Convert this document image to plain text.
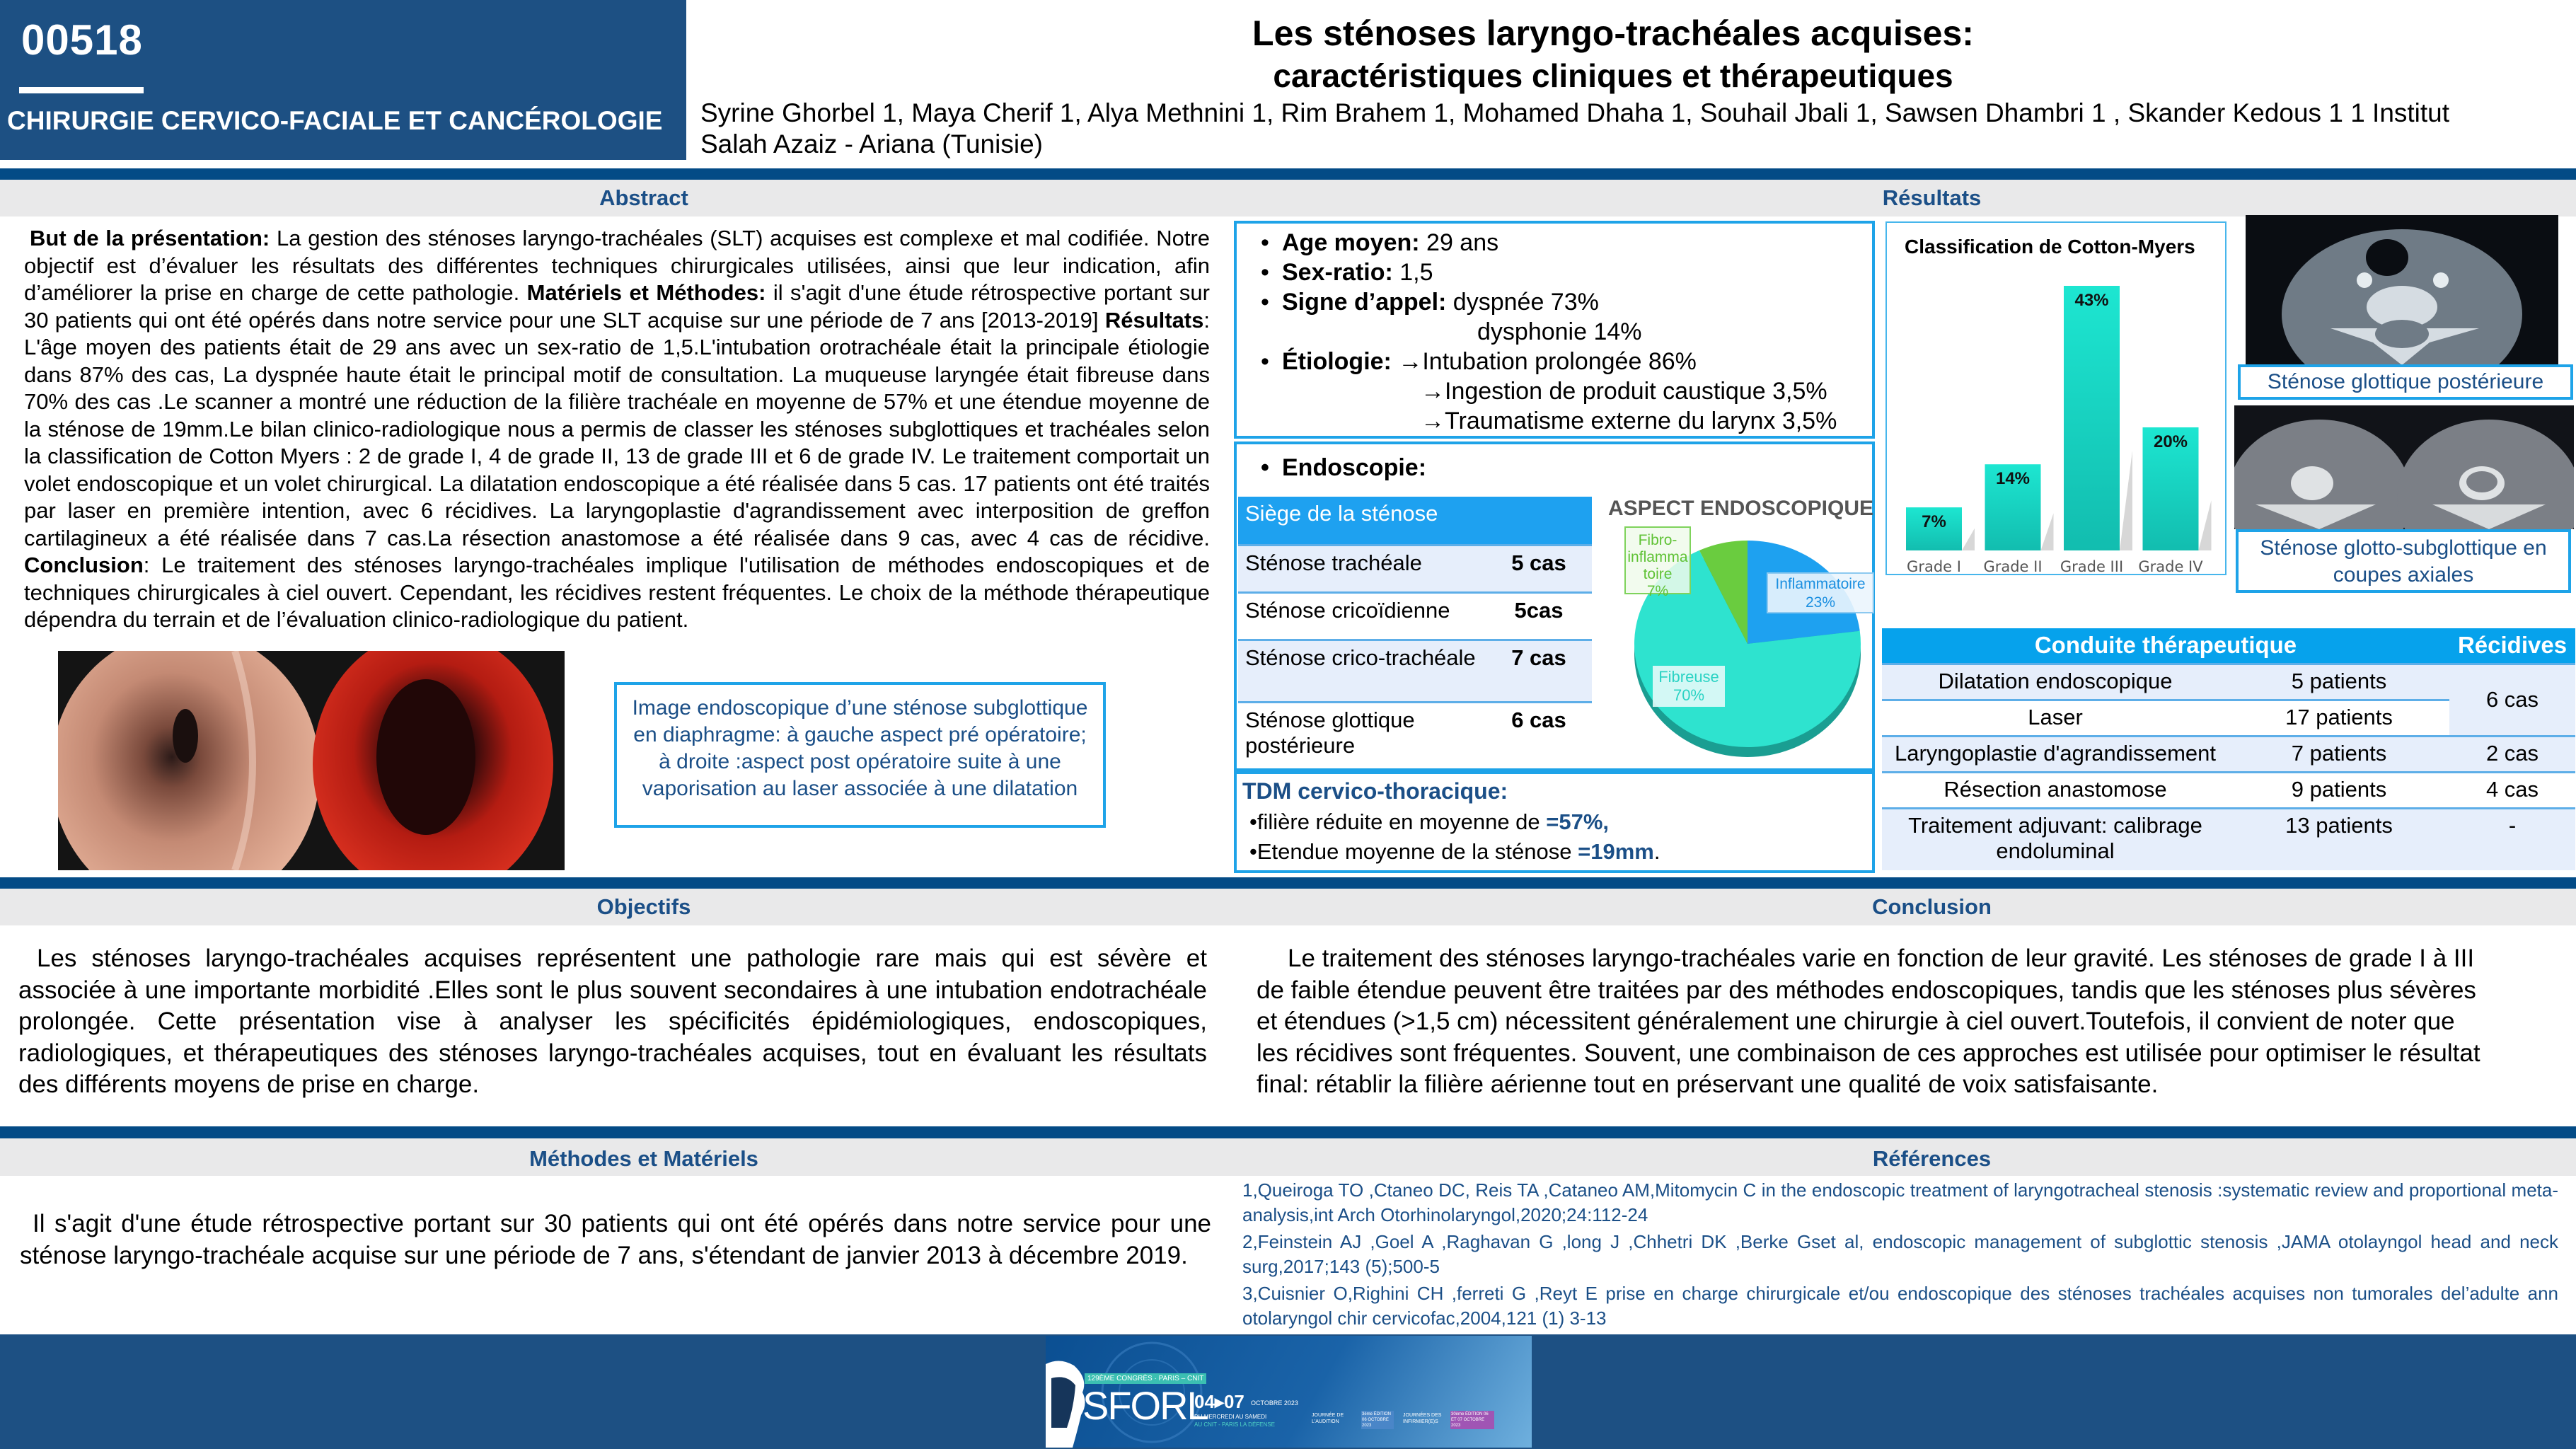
00518
CHIRURGIE CERVICO-FACIALE ET CANCÉROLOGIE
Les sténoses laryngo-trachéales acquises:
caractéristiques cliniques et thérapeutiques
Syrine Ghorbel 1, Maya Cherif 1, Alya Methnini 1, Rim Brahem 1, Mohamed Dhaha 1, Souhail Jbali 1, Sawsen Dhambri 1 , Skander Kedous 1 1 Institut Salah Azaiz - Ariana (Tunisie)
Abstract	Résultats
But de la présentation: La gestion des sténoses laryngo-trachéales (SLT) acquises est complexe et mal codifiée. Notre objectif est d’évaluer les résultats des différentes techniques chirurgicales utilisées, ainsi que leur indication, afin d’améliorer la prise en charge de cette pathologie. Matériels et Méthodes: il s'agit d'une étude rétrospective portant sur 30 patients qui ont été opérés dans notre service pour une SLT acquise sur une période de 7 ans [2013-2019] Résultats: L'âge moyen des patients était de 29 ans avec un sex-ratio de 1,5.L'intubation orotrachéale était la principale étiologie dans 87% des cas, La dyspnée haute était le principal motif de consultation. La muqueuse laryngée était fibreuse dans 70% des cas .Le scanner a montré une réduction de la filière trachéale en moyenne de 57% et une étendue moyenne de la sténose de 19mm.Le bilan clinico-radiologique nous a permis de classer les sténoses subglottiques et trachéales selon la classification de Cotton Myers : 2 de grade I, 4 de grade II, 13 de grade III et 6 de grade IV. Le traitement comportait un volet endoscopique et un volet chirurgical. La dilatation endoscopique a été réalisée dans 5 cas. 17 patients ont été traités par laser en première intention, avec 6 récidives. La laryngoplastie d'agrandissement avec interposition de greffon cartilagineux a été réalisée dans 7 cas.La résection anastomose a été réalisée dans 9 cas, avec 4 cas de récidive. Conclusion: Le traitement des sténoses laryngo-trachéales implique l'utilisation de méthodes endoscopiques et de techniques chirurgicales à ciel ouvert. Cependant, les récidives restent fréquentes. Le choix de la méthode thérapeutique dépendra du terrain et de l’évaluation clinico-radiologique du patient.
Image endoscopique d’une sténose subglottique en diaphragme: à gauche aspect pré opératoire; à droite :aspect post opératoire suite à une vaporisation au laser associée à une dilatation
• Age moyen: 29 ans
• Sex-ratio: 1,5
• Signe d’appel: dyspnée 73%
dysphonie 14%
• Étiologie: →Intubation prolongée 86%
→Ingestion de produit caustique 3,5%
→Traumatisme externe du larynx 3,5%
• Endoscopie:
Siège de la sténose	
Sténose trachéale	5 cas
Sténose cricoïdienne	5cas
Sténose crico-trachéale	7 cas
Sténose glottique postérieure	6 cas
ASPECT ENDOSCOPIQUE
Fibro-inflammatoire
7%	Inflammatoire
23%
Fibreuse
70%
TDM cervico-thoracique:
•filière réduite en moyenne de =57%,
•Etendue moyenne de la sténose =19mm.
Classification de Cotton-Myers
7%
Grade I
14%
Grade II
43%
Grade III
20%
Grade IV
Sténose glottique postérieure
Sténose glotto-subglottique en coupes axiales
Conduite thérapeutique		Récidives
Dilatation endoscopique	5 patients	6 cas
Laser	17 patients	
Laryngoplastie d'agrandissement	7 patients	2 cas
Résection anastomose	9 patients	4 cas
Traitement adjuvant: calibrage endoluminal	13 patients	-
Objectifs	Conclusion
Les sténoses laryngo-trachéales acquises représentent une pathologie rare mais qui est sévère et associée à une importante morbidité .Elles sont le plus souvent secondaires à une intubation endotrachéale prolongée. Cette présentation vise à analyser les spécificités épidémiologiques, endoscopiques, radiologiques, et thérapeutiques des sténoses laryngo-trachéales acquises, tout en évaluant les résultats des différents moyens de prise en charge.
Le traitement des sténoses laryngo-trachéales varie en fonction de leur gravité. Les sténoses de grade I à III de faible étendue peuvent être traitées par des méthodes endoscopiques, tandis que les sténoses plus sévères et étendues (>1,5 cm) nécessitent généralement une chirurgie à ciel ouvert.Toutefois, il convient de noter que les récidives sont fréquentes. Souvent, une combinaison de ces approches est utilisée pour optimiser le résultat final: rétablir la filière aérienne tout en préservant une qualité de voix satisfaisante.
Méthodes et Matériels	Références
Il s'agit d'une étude rétrospective portant sur 30 patients qui ont été opérés dans notre service pour une sténose laryngo-trachéale acquise sur une période de 7 ans, s'étendant de janvier 2013 à décembre 2019.
1,Queiroga TO ,Ctaneo DC, Reis TA ,Cataneo AM,Mitomycin C in the endoscopic treatment of laryngotracheal stenosis :systematic review and proportional meta-analysis,int Arch Otorhinolaryngol,2020;24:112-24
2,Feinstein AJ ,Goel A ,Raghavan G ,long J ,Chhetri DK ,Berke Gset al, endoscopic management of subglottic stenosis ,JAMA otolayngol head and neck surg,2017;143 (5);500-5
3,Cuisnier O,Righini CH ,ferreti G ,Reyt E prise en charge chirurgicale et/ou endoscopique des sténoses trachéales acquises non tumorales del’adulte ann otolaryngol chir cervicofac,2004,121 (1) 3-13
129ÈME CONGRÈS · PARIS – CNIT
SFORL
04▸07 OCTOBRE 2023
DU MERCREDI AU SAMEDI
AU CNIT - PARIS LA DÉFENSE
JOURNÉE DE L'AUDITION
3ème ÉDITION 06 OCTOBRE 2023
JOURNÉES DES INFIRMIER(E)S
30ème ÉDITION 06 ET 07 OCTOBRE 2023
